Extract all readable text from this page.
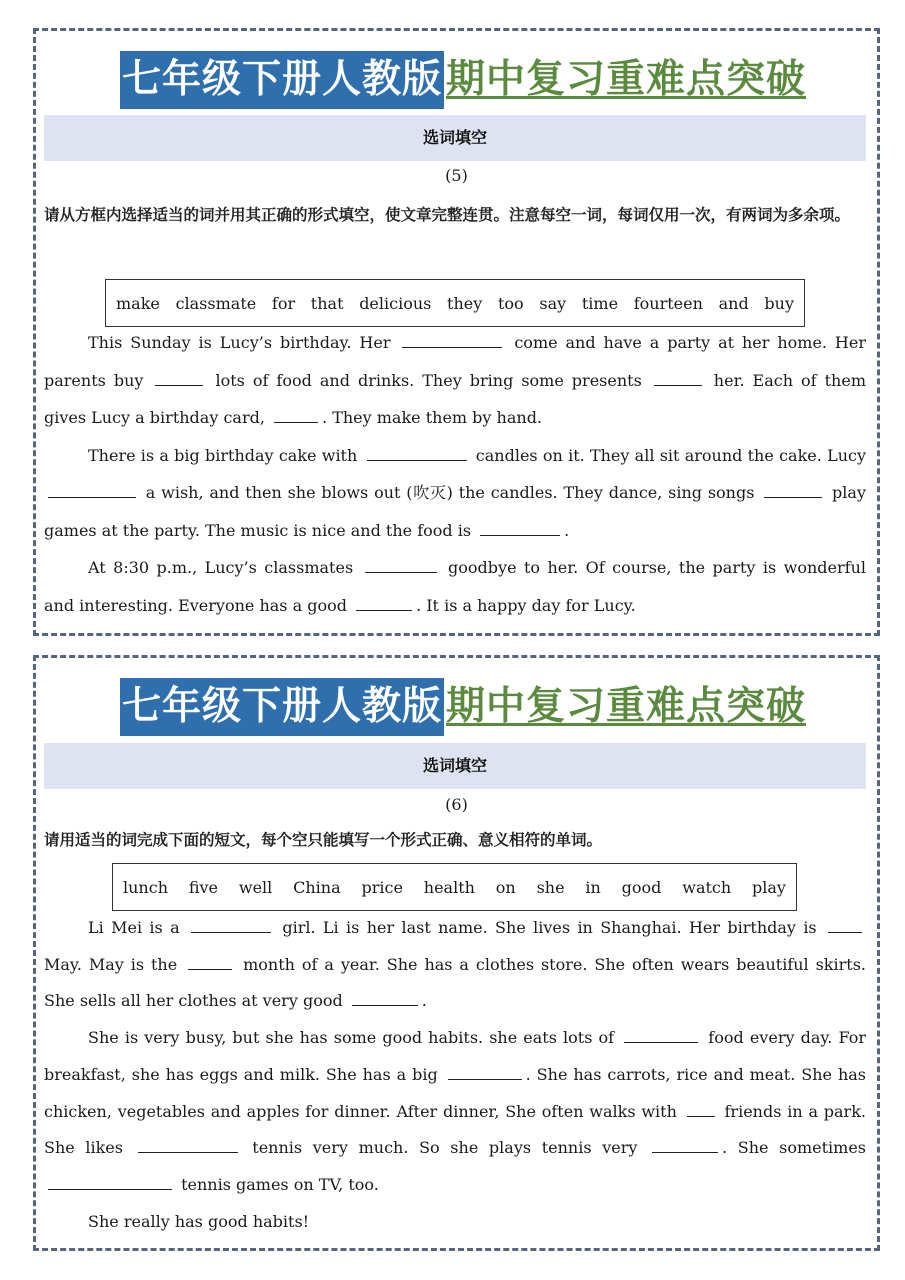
七年级下册人教版 期中复习重难点突破
选词填空
(5)
请从方框内选择适当的词并用其正确的形式填空，使文章完整连贯。注意每空一词，每词仅用一次，有两词为多余项。
make classmate for that delicious they too say time fourteen and buy

This Sunday is Lucy’s birthday. Her	come and have a party at her home. Her parents buy	lots of food and drinks. They bring some presents	her. Each of them gives Lucy a birthday card,	. They make them by hand.

There is a big birthday cake with	candles on it. They all sit around the cake. Lucy  a wish, and then she blows out (吹灭) the candles. They dance, sing songs	play games at the party. The music is nice and the food is	.

At 8:30 p.m., Lucy’s classmates	goodbye to her. Of course, the party is wonderful and interesting. Everyone has a good	. It is a happy day for Lucy.

七年级下册人教版 期中复习重难点突破
选词填空
(6)
请用适当的词完成下面的短文，每个空只能填写一个形式正确、意义相符的单词。
lunch five well China price health on she in good watch play

Li Mei is a	girl. Li is her last name. She lives in Shanghai. Her birthday is  May. May is the	month of a year. She has a clothes store. She often wears beautiful skirts. She sells all her clothes at very good	.

She is very busy, but she has some good habits. she eats lots of	food every day. For breakfast, she has eggs and milk. She has a big	. She has carrots, rice and meat. She has chicken, vegetables and apples for dinner. After dinner, She often walks with  friends in a park. She likes	tennis very much. So she plays tennis very	. She sometimes  tennis games on TV, too.

She really has good habits!
